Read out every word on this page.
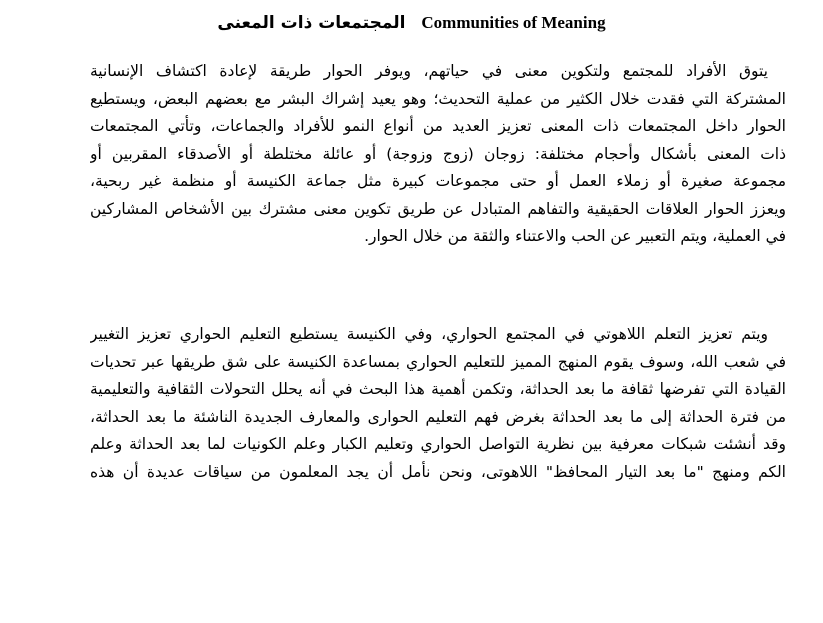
المجتمعات ذات المعنى Communities of Meaning
يتوق الأفراد للمجتمع ولتكوين معنى في حياتهم، ويوفر الحوار طريقة لإعادة اكتشاف الإنسانية
المشتركة التي فقدت خلال الكثير من عملية التحديث؛ وهو يعيد إشراك البشر مع بعضهم البعض، ويستطيع
الحوار داخل المجتمعات ذات المعنى تعزيز العديد من أنواع النمو للأفراد والجماعات، وتأتي المجتمعات
ذات المعنى بأشكال وأحجام مختلفة: زوجان (زوج وزوجة) أو عائلة مختلطة أو الأصدقاء المقربين أو
مجموعة صغيرة أو زملاء العمل أو حتى مجموعات كبيرة مثل جماعة الكنيسة أو منظمة غير ربحية،
ويعزز الحوار العلاقات الحقيقية والتفاهم المتبادل عن طريق تكوين معنى مشترك بين الأشخاص المشاركين
في العملية، ويتم التعبير عن الحب والاعتناء والثقة من خلال الحوار.
ويتم تعزيز التعلم اللاهوتي في المجتمع الحواري، وفي الكنيسة يستطيع التعليم الحواري تعزيز التغيير
في شعب الله، وسوف يقوم المنهج المميز للتعليم الحواري بمساعدة الكنيسة على شق طريقها عبر تحديات
القيادة التي تفرضها ثقافة ما بعد الحداثة، وتكمن أهمية هذا البحث في أنه يحلل التحولات الثقافية والتعليمية
من فترة الحداثة إلى ما بعد الحداثة بغرض فهم التعليم الحوارى والمعارف الجديدة الناشئة ما بعد الحداثة،
وقد أنشئت شبكات معرفية بين نظرية التواصل الحواري وتعليم الكبار وعلم الكونيات لما بعد الحداثة وعلم
الكم ومنهج "ما بعد التيار المحافظ" اللاهوتى، ونحن نأمل أن يجد المعلمون من سياقات عديدة أن هذه
